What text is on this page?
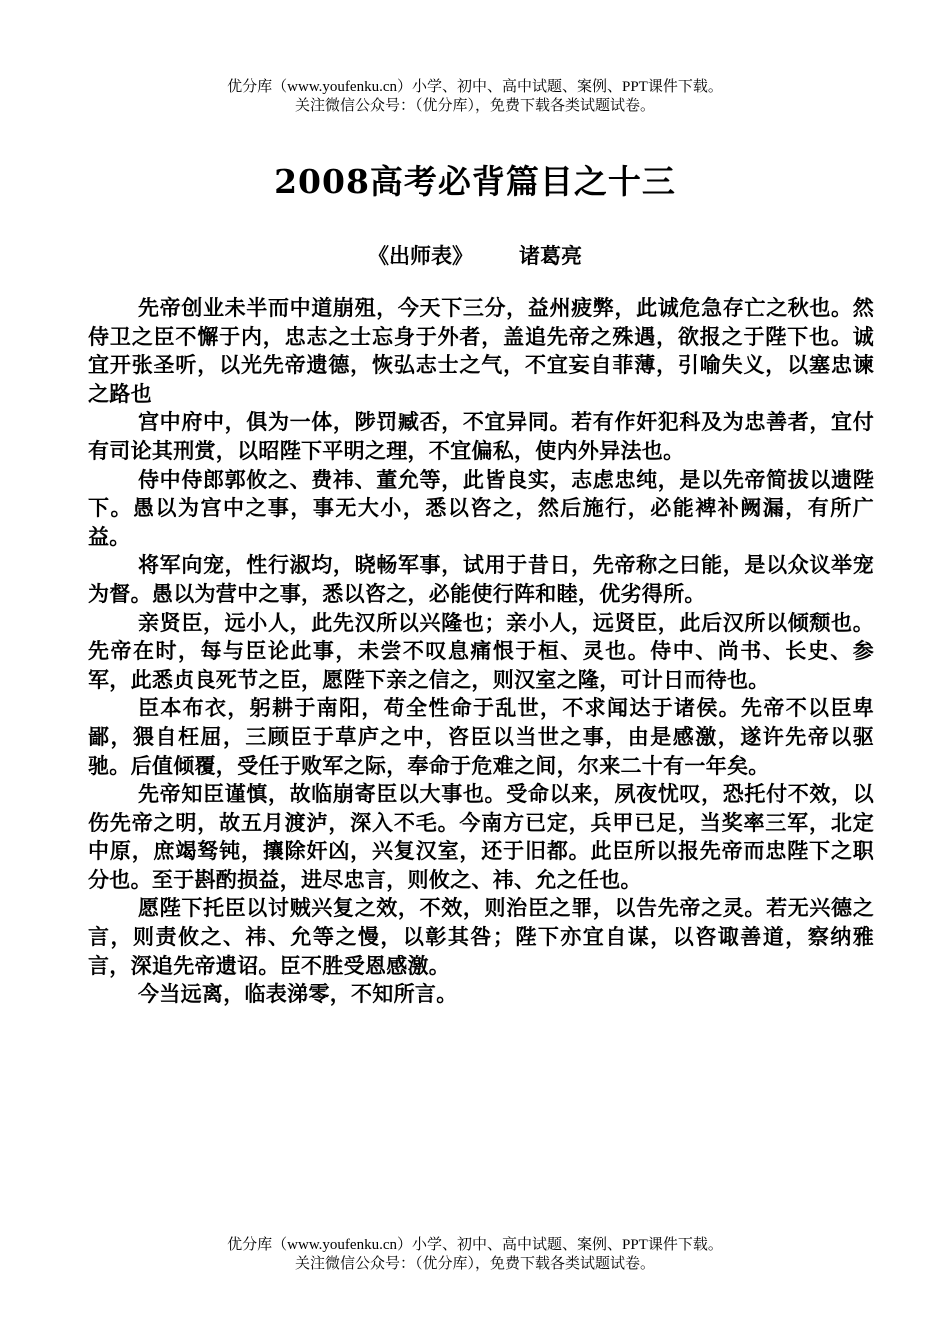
优分库（www.youfenku.cn）小学、初中、高中试题、案例、PPT课件下载。
关注微信公众号：（优分库），免费下载各类试题试卷。
2008高考必背篇目之十三
《出师表》 诸葛亮

先帝创业未半而中道崩殂，今天下三分，益州疲弊，此诚危急存亡之秋也。然侍卫之臣不懈于内，忠志之士忘身于外者，盖追先帝之殊遇，欲报之于陛下也。诚宜开张圣听，以光先帝遗德，恢弘志士之气，不宜妄自菲薄，引喻失义，以塞忠谏之路也

宫中府中，俱为一体，陟罚臧否，不宜异同。若有作奸犯科及为忠善者，宜付有司论其刑赏，以昭陛下平明之理，不宜偏私，使内外异法也。

侍中侍郎郭攸之、费祎、董允等，此皆良实，志虑忠纯，是以先帝简拔以遗陛下。愚以为宫中之事，事无大小，悉以咨之，然后施行，必能裨补阙漏，有所广益。

将军向宠，性行淑均，晓畅军事，试用于昔日，先帝称之曰能，是以众议举宠为督。愚以为营中之事，悉以咨之，必能使行阵和睦，优劣得所。

亲贤臣，远小人，此先汉所以兴隆也；亲小人，远贤臣，此后汉所以倾颓也。先帝在时，每与臣论此事，未尝不叹息痛恨于桓、灵也。侍中、尚书、长史、参军，此悉贞良死节之臣，愿陛下亲之信之，则汉室之隆，可计日而待也。

臣本布衣，躬耕于南阳，苟全性命于乱世，不求闻达于诸侯。先帝不以臣卑鄙，猥自枉屈，三顾臣于草庐之中，咨臣以当世之事，由是感激，遂许先帝以驱驰。后值倾覆，受任于败军之际，奉命于危难之间，尔来二十有一年矣。

先帝知臣谨慎，故临崩寄臣以大事也。受命以来，夙夜忧叹，恐托付不效，以伤先帝之明，故五月渡泸，深入不毛。今南方已定，兵甲已足，当奖率三军，北定中原，庶竭驽钝，攘除奸凶，兴复汉室，还于旧都。此臣所以报先帝而忠陛下之职分也。至于斟酌损益，进尽忠言，则攸之、祎、允之任也。

愿陛下托臣以讨贼兴复之效，不效，则治臣之罪，以告先帝之灵。若无兴德之言，则责攸之、祎、允等之慢，以彰其咎；陛下亦宜自谋，以咨诹善道，察纳雅言，深追先帝遗诏。臣不胜受恩感激。

今当远离，临表涕零，不知所言。

优分库（www.youfenku.cn）小学、初中、高中试题、案例、PPT课件下载。
关注微信公众号：（优分库），免费下载各类试题试卷。
